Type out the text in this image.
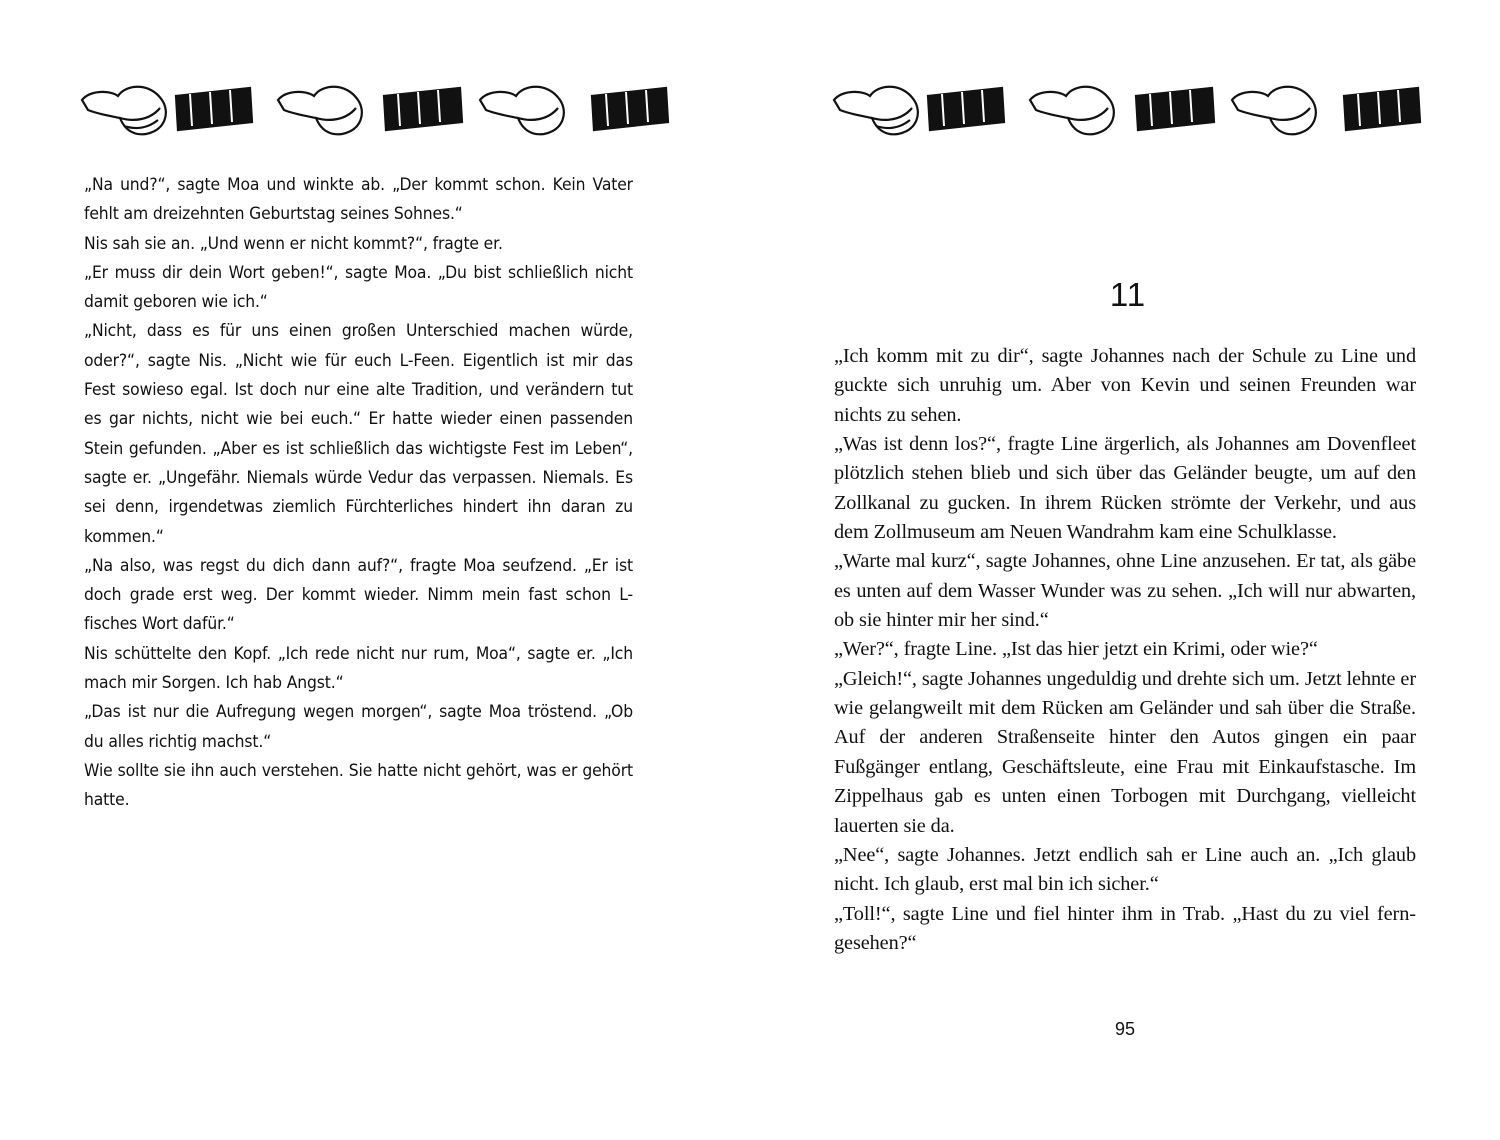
„Na und?“, sagte Moa und winkte ab. „Der kommt schon. Kein Vater fehlt am dreizehnten Geburtstag seines Sohnes.“

Nis sah sie an. „Und wenn er nicht kommt?“, fragte er.

„Er muss dir dein Wort geben!“, sagte Moa. „Du bist schließlich nicht damit geboren wie ich.“

„Nicht, dass es für uns einen großen Unterschied machen würde, oder?“, sagte Nis. „Nicht wie für euch L-Feen. Eigentlich ist mir das Fest sowieso egal. Ist doch nur eine alte Tradition, und verändern tut es gar nichts, nicht wie bei euch.“ Er hatte wieder einen passenden Stein gefunden. „Aber es ist schließlich das wichtigste Fest im Leben“, sagte er. „Ungefähr. Niemals würde Vedur das verpassen. Niemals. Es sei denn, irgendetwas ziemlich Fürchterliches hindert ihn daran zu kommen.“

„Na also, was regst du dich dann auf?“, fragte Moa seufzend. „Er ist doch grade erst weg. Der kommt wieder. Nimm mein fast schon L-fisches Wort dafür.“

Nis schüttelte den Kopf. „Ich rede nicht nur rum, Moa“, sagte er. „Ich mach mir Sorgen. Ich hab Angst.“

„Das ist nur die Aufregung wegen morgen“, sagte Moa tröstend. „Ob du alles richtig machst.“

Wie sollte sie ihn auch verstehen. Sie hatte nicht gehört, was er gehört hatte.

11

„Ich komm mit zu dir“, sagte Johannes nach der Schule zu Line und guckte sich unruhig um. Aber von Kevin und seinen Freunden war nichts zu sehen.

„Was ist denn los?“, fragte Line ärgerlich, als Johannes am Dovenfleet plötzlich stehen blieb und sich über das Geländer beugte, um auf den Zollkanal zu gucken. In ihrem Rücken strömte der Verkehr, und aus dem Zollmuseum am Neuen Wandrahm kam eine Schulklasse.

„Warte mal kurz“, sagte Johannes, ohne Line anzusehen. Er tat, als gäbe es unten auf dem Wasser Wunder was zu sehen. „Ich will nur abwarten, ob sie hinter mir her sind.“

„Wer?“, fragte Line. „Ist das hier jetzt ein Krimi, oder wie?“

„Gleich!“, sagte Johannes ungeduldig und drehte sich um. Jetzt lehnte er wie gelangweilt mit dem Rücken am Geländer und sah über die Straße. Auf der anderen Straßenseite hinter den Autos gingen ein paar Fußgänger entlang, Geschäftsleute, eine Frau mit Einkaufstasche. Im Zippelhaus gab es unten einen Torbogen mit Durchgang, vielleicht lauerten sie da.

„Nee“, sagte Johannes. Jetzt endlich sah er Line auch an. „Ich glaub nicht. Ich glaub, erst mal bin ich sicher.“

„Toll!“, sagte Line und fiel hinter ihm in Trab. „Hast du zu viel ferngesehen?“

95
